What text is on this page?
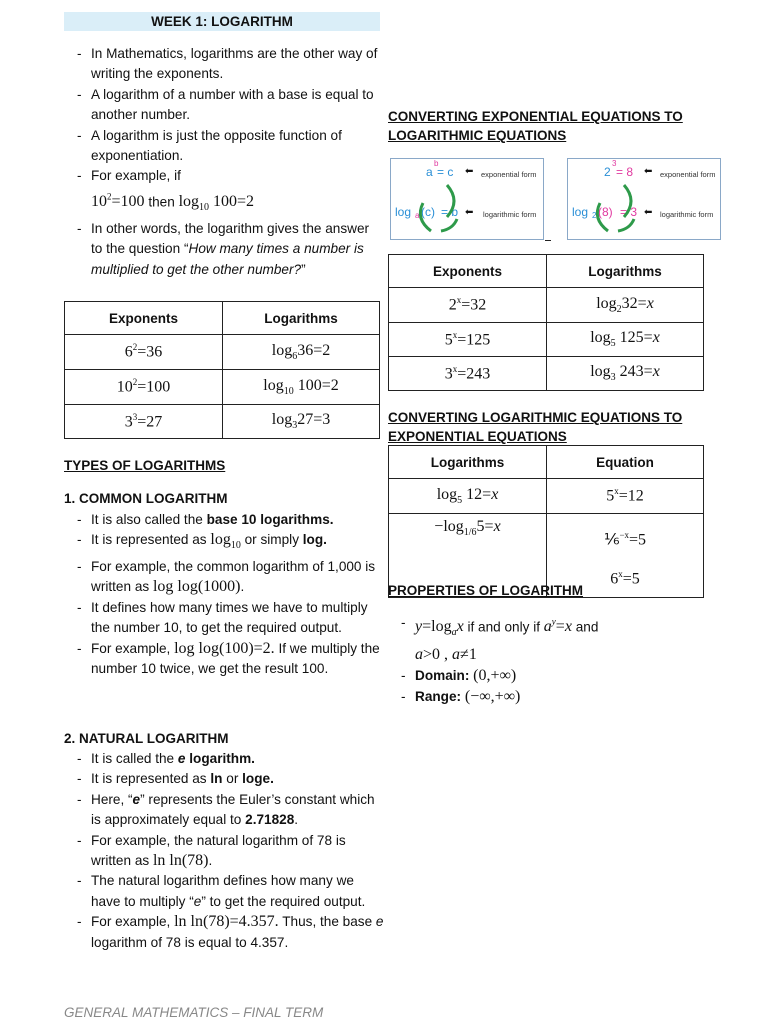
WEEK 1: LOGARITHM
- In Mathematics, logarithms are the other way of writing the exponents.
- A logarithm of a number with a base is equal to another number.
- A logarithm is just the opposite function of exponentiation.
- For example, if
$10^2=100$ then $\log_{10} 100=2$
- In other words, the logarithm gives the answer to the question “How many times a number is multiplied to get the other number?”
Exponents	Logarithms
$6^2=36$	$\log_636=2$
$10^2=100$	$\log_{10} 100=2$
$3^3=27$	$\log_327=3$
TYPES OF LOGARITHMS
1. COMMON LOGARITHM
- It is also called the base 10 logarithms.
- It is represented as $\log_{10}$ or simply log.
- For example, the common logarithm of 1,000 is written as log log(1000).
- It defines how many times we have to multiply the number 10, to get the required output.
- For example, log log(100)=2. If we multiply the number 10 twice, we get the result 100.
2. NATURAL LOGARITHM
- It is called the e logarithm.
- It is represented as ln or loge.
- Here, “e” represents the Euler’s constant which is approximately equal to 2.71828.
- For example, the natural logarithm of 78 is written as ln ln(78).
- The natural logarithm defines how many we have to multiply “e” to get the required output.
- For example, ln ln(78)=4.357. Thus, the base e logarithm of 78 is equal to 4.357.
CONVERTING EXPONENTIAL EQUATIONS TO LOGARITHMIC EQUATIONS
a
b
= c ⬅ exponential form
log a (c) = b ⬅ logarithmic form
2
3
= 8 ⬅ exponential form
log 2 (8) = 3 ⬅ logarithmic form
Exponents	Logarithms
$2^x=32$	$\log_232=x$
$5^x=125$	$\log_5 125=x$
$3^x=243$	$\log_3 243=x$
CONVERTING LOGARITHMIC EQUATIONS TO EXPONENTIAL EQUATIONS
Logarithms	Equation
$\log_5 12=x$	$5^x=12$
$-\log_{1/6}5=x$	⅙$^{-x}$=5
$6^x=5$
PROPERTIES OF LOGARITHM
- $y=\log_ax$ if and only if $a^y=x$ and
a>0 , a≠1
- Domain: (0,+∞)
- Range: (−∞,+∞)
GENERAL MATHEMATICS – FINAL TERM
